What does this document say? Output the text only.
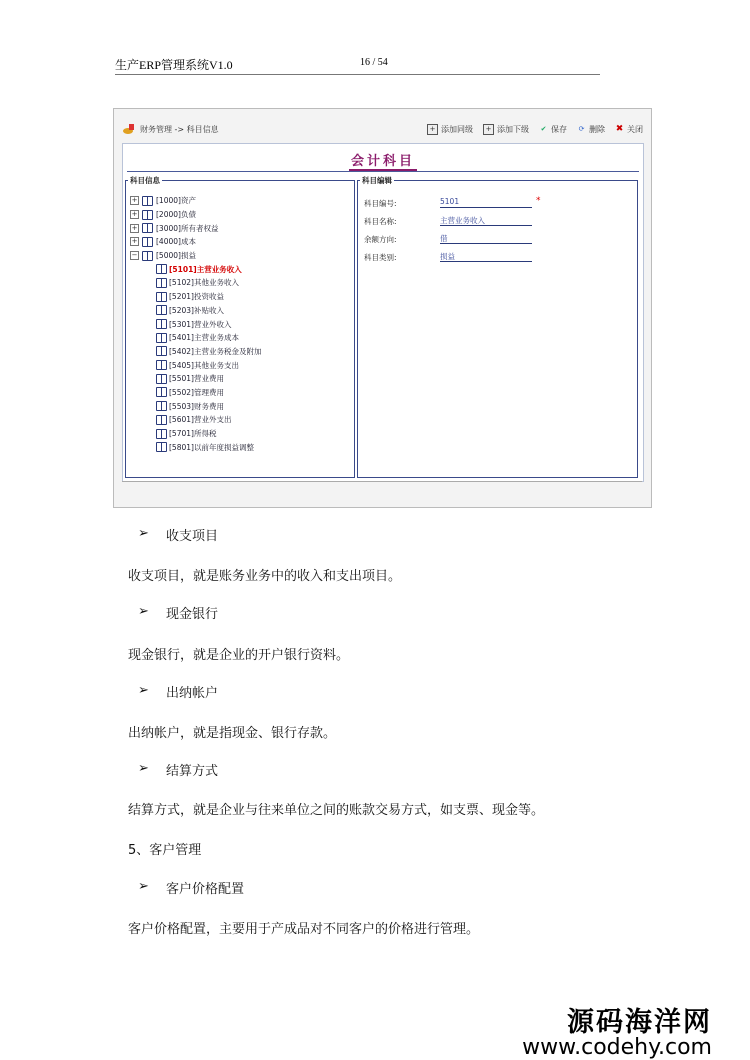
生产ERP管理系统V1.0	16 / 54
财务管理 -> 科目信息	+ 添加同级	+ 添加下级 ✔ 保存 ⟳ 删除 ✖ 关闭
会计科目
科目信息
+ [1000]资产
+ [2000]负债
+ [3000]所有者权益
+ [4000]成本
− [5000]损益
[5101]主营业务收入
[5102]其他业务收入
[5201]投资收益
[5203]补贴收入
[5301]营业外收入
[5401]主营业务成本
[5402]主营业务税金及附加
[5405]其他业务支出
[5501]营业费用
[5502]管理费用
[5503]财务费用
[5601]营业外支出
[5701]所得税
[5801]以前年度损益调整
科目编辑
科目编号:	5101	*
科目名称:	主营业务收入
余额方向:	借
科目类别:	损益
➢ 收支项目
收支项目，就是账务业务中的收入和支出项目。
➢ 现金银行
现金银行，就是企业的开户银行资料。
➢ 出纳帐户
出纳帐户，就是指现金、银行存款。
➢ 结算方式
结算方式，就是企业与往来单位之间的账款交易方式，如支票、现金等。
5、客户管理
➢ 客户价格配置
客户价格配置，主要用于产成品对不同客户的价格进行管理。
源码海洋网
www.codehy.com
